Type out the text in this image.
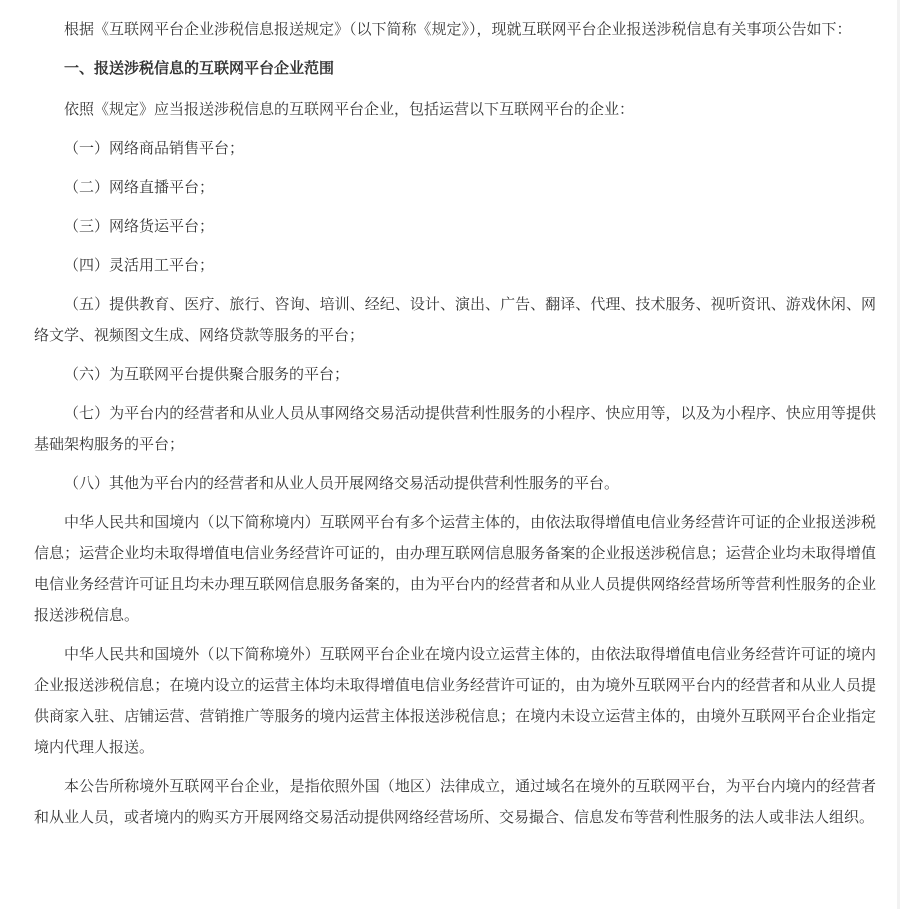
根据《互联网平台企业涉税信息报送规定》（以下简称《规定》），现就互联网平台企业报送涉税信息有关事项公告如下：

一、报送涉税信息的互联网平台企业范围

依照《规定》应当报送涉税信息的互联网平台企业，包括运营以下互联网平台的企业：

（一）网络商品销售平台；

（二）网络直播平台；

（三）网络货运平台；

（四）灵活用工平台；

（五）提供教育、医疗、旅行、咨询、培训、经纪、设计、演出、广告、翻译、代理、技术服务、视听资讯、游戏休闲、网络文学、视频图文生成、网络贷款等服务的平台；

（六）为互联网平台提供聚合服务的平台；

（七）为平台内的经营者和从业人员从事网络交易活动提供营利性服务的小程序、快应用等，以及为小程序、快应用等提供基础架构服务的平台；

（八）其他为平台内的经营者和从业人员开展网络交易活动提供营利性服务的平台。

中华人民共和国境内（以下简称境内）互联网平台有多个运营主体的，由依法取得增值电信业务经营许可证的企业报送涉税信息；运营企业均未取得增值电信业务经营许可证的，由办理互联网信息服务备案的企业报送涉税信息；运营企业均未取得增值电信业务经营许可证且均未办理互联网信息服务备案的，由为平台内的经营者和从业人员提供网络经营场所等营利性服务的企业报送涉税信息。

中华人民共和国境外（以下简称境外）互联网平台企业在境内设立运营主体的，由依法取得增值电信业务经营许可证的境内企业报送涉税信息；在境内设立的运营主体均未取得增值电信业务经营许可证的，由为境外互联网平台内的经营者和从业人员提供商家入驻、店铺运营、营销推广等服务的境内运营主体报送涉税信息；在境内未设立运营主体的，由境外互联网平台企业指定境内代理人报送。

本公告所称境外互联网平台企业，是指依照外国（地区）法律成立，通过域名在境外的互联网平台，为平台内境内的经营者和从业人员，或者境内的购买方开展网络交易活动提供网络经营场所、交易撮合、信息发布等营利性服务的法人或非法人组织。
